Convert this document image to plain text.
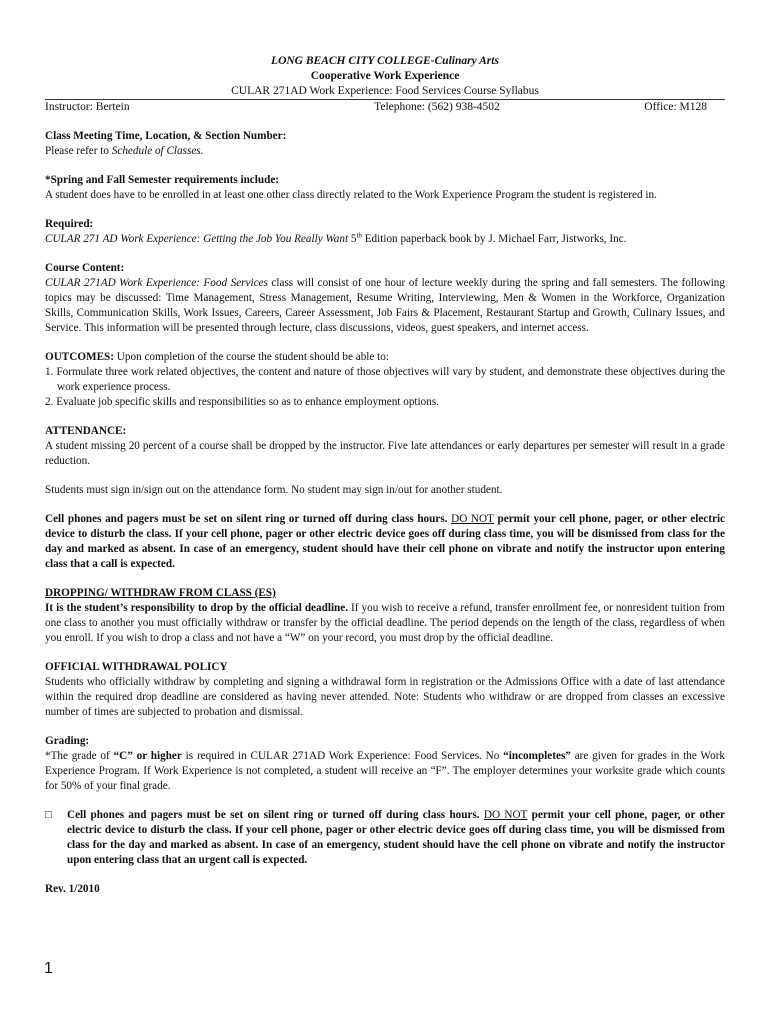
LONG BEACH CITY COLLEGE-Culinary Arts
Cooperative Work Experience
CULAR 271AD Work Experience: Food Services Course Syllabus
Instructor: Bertein	Telephone: (562) 938-4502	Office: M128

Class Meeting Time, Location, & Section Number:

Please refer to Schedule of Classes.

*Spring and Fall Semester requirements include:

A student does have to be enrolled in at least one other class directly related to the Work Experience Program the student is registered in.

Required:

CULAR 271 AD Work Experience: Getting the Job You Really Want 5th Edition paperback book by J. Michael Farr, Jistworks, Inc.

Course Content:

CULAR 271AD Work Experience: Food Services class will consist of one hour of lecture weekly during the spring and fall semesters. The following topics may be discussed: Time Management, Stress Management, Resume Writing, Interviewing, Men & Women in the Workforce, Organization Skills, Communication Skills, Work Issues, Careers, Career Assessment, Job Fairs & Placement, Restaurant Startup and Growth, Culinary Issues, and Service. This information will be presented through lecture, class discussions, videos, guest speakers, and internet access.

OUTCOMES: Upon completion of the course the student should be able to:

1. Formulate three work related objectives, the content and nature of those objectives will vary by student, and demonstrate these objectives during the work experience process.
2. Evaluate job specific skills and responsibilities so as to enhance employment options.

ATTENDANCE:

A student missing 20 percent of a course shall be dropped by the instructor. Five late attendances or early departures per semester will result in a grade reduction.

Students must sign in/sign out on the attendance form. No student may sign in/out for another student.

Cell phones and pagers must be set on silent ring or turned off during class hours. DO NOT permit your cell phone, pager, or other electric device to disturb the class. If your cell phone, pager or other electric device goes off during class time, you will be dismissed from class for the day and marked as absent. In case of an emergency, student should have their cell phone on vibrate and notify the instructor upon entering class that a call is expected.

DROPPING/ WITHDRAW FROM CLASS (ES)

It is the student’s responsibility to drop by the official deadline. If you wish to receive a refund, transfer enrollment fee, or nonresident tuition from one class to another you must officially withdraw or transfer by the official deadline. The period depends on the length of the class, regardless of when you enroll. If you wish to drop a class and not have a “W” on your record, you must drop by the official deadline.

OFFICIAL WITHDRAWAL POLICY

Students who officially withdraw by completing and signing a withdrawal form in registration or the Admissions Office with a date of last attendance within the required drop deadline are considered as having never attended. Note: Students who withdraw or are dropped from classes an excessive number of times are subjected to probation and dismissal.

Grading:

*The grade of “C” or higher is required in CULAR 271AD Work Experience: Food Services. No “incompletes” are given for grades in the Work Experience Program. If Work Experience is not completed, a student will receive an “F”. The employer determines your worksite grade which counts for 50% of your final grade.

□	Cell phones and pagers must be set on silent ring or turned off during class hours. DO NOT permit your cell phone, pager, or other electric device to disturb the class. If your cell phone, pager or other electric device goes off during class time, you will be dismissed from class for the day and marked as absent. In case of an emergency, student should have the cell phone on vibrate and notify the instructor upon entering class that an urgent call is expected.

Rev. 1/2010

1
